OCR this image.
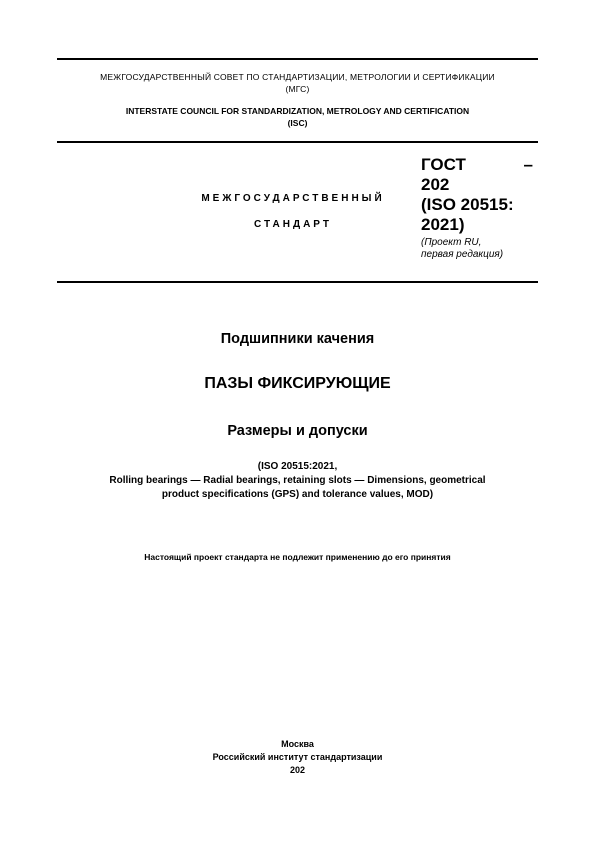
МЕЖГОСУДАРСТВЕННЫЙ СОВЕТ ПО СТАНДАРТИЗАЦИИ, МЕТРОЛОГИИ И СЕРТИФИКАЦИИ
(МГС)
INTERSTATE COUNCIL FOR STANDARDIZATION, METROLOGY AND CERTIFICATION
(ISC)
МЕЖГОСУДАРСТВЕННЫЙ
СТАНДАРТ
ГОСТ	–
202
(ISO 20515:
2021)
(Проект RU,
первая редакция)
Подшипники качения
ПАЗЫ ФИКСИРУЮЩИЕ
Размеры и допуски
(ISO 20515:2021,
Rolling bearings — Radial bearings, retaining slots — Dimensions, geometrical
product specifications (GPS) and tolerance values, MOD)
Настоящий проект стандарта не подлежит применению до его принятия
Москва
Российский институт стандартизации
202
